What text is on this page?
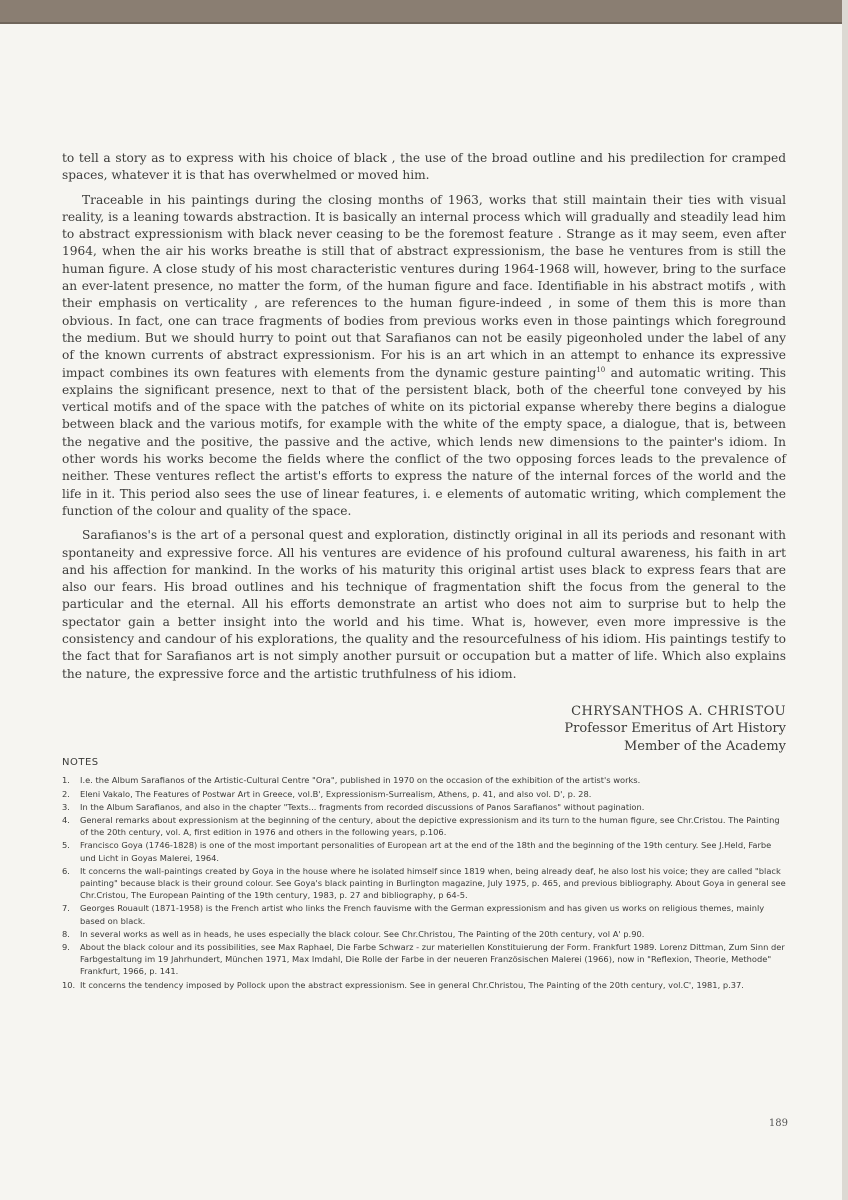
to tell a story as to express with his choice of black , the use of the broad outline and his predilection for cramped spaces, whatever it is that has overwhelmed or moved him.

Traceable in his paintings during the closing months of 1963, works that still maintain their ties with visual reality, is a leaning towards abstraction. It is basically an internal process which will gradually and steadily lead him to abstract expressionism with black never ceasing to be the foremost feature . Strange as it may seem, even after 1964, when the air his works breathe is still that of abstract expressionism, the base he ventures from is still the human figure. A close study of his most characteristic ventures during 1964-1968 will, however, bring to the surface an ever-latent presence, no matter the form, of the human figure and face. Identifiable in his abstract motifs , with their emphasis on verticality , are references to the human figure-indeed , in some of them this is more than obvious. In fact, one can trace fragments of bodies from previous works even in those paintings which foreground the medium. But we should hurry to point out that Sarafianos can not be easily pigeonholed under the label of any of the known currents of abstract expressionism. For his is an art which in an attempt to enhance its expressive impact combines its own features with elements from the dynamic gesture painting$^{10}$ and automatic writing. This explains the significant presence, next to that of the persistent black, both of the cheerful tone conveyed by his vertical motifs and of the space with the patches of white on its pictorial expanse whereby there begins a dialogue between black and the various motifs, for example with the white of the empty space, a dialogue, that is, between the negative and the positive, the passive and the active, which lends new dimensions to the painter's idiom. In other words his works become the fields where the conflict of the two opposing forces leads to the prevalence of neither. These ventures reflect the artist's efforts to express the nature of the internal forces of the world and the life in it. This period also sees the use of linear features, i. e elements of automatic writing, which complement the function of the colour and quality of the space.

Sarafianos's is the art of a personal quest and exploration, distinctly original in all its periods and resonant with spontaneity and expressive force. All his ventures are evidence of his profound cultural awareness, his faith in art and his affection for mankind. In the works of his maturity this original artist uses black to express fears that are also our fears. His broad outlines and his technique of fragmentation shift the focus from the general to the particular and the eternal. All his efforts demonstrate an artist who does not aim to surprise but to help the spectator gain a better insight into the world and his time. What is, however, even more impressive is the consistency and candour of his explorations, the quality and the resourcefulness of his idiom. His paintings testify to the fact that for Sarafianos art is not simply another pursuit or occupation but a matter of life. Which also explains the nature, the expressive force and the artistic truthfulness of his idiom.

CHRYSANTHOS A. CHRISTOU
Professor Emeritus of Art History
Member of the Academy
NOTES
1.	I.e. the Album Sarafianos of the Artistic-Cultural Centre "Ora", published in 1970 on the occasion of the exhibition of the artist's works.
2.	Eleni Vakalo, The Features of Postwar Art in Greece, vol.B', Expressionism-Surrealism, Athens, p. 41, and also vol. D', p. 28.
3.	In the Album Sarafianos, and also in the chapter "Texts... fragments from recorded discussions of Panos Sarafianos" without pagination.
4.	General remarks about expressionism at the beginning of the century, about the depictive expressionism and its turn to the human figure, see Chr.Cristou. The Painting of the 20th century, vol. A, first edition in 1976 and others in the following years, p.106.
5.	Francisco Goya (1746-1828) is one of the most important personalities of European art at the end of the 18th and the beginning of the 19th century. See J.Held, Farbe und Licht in Goyas Malerei, 1964.
6.	It concerns the wall-paintings created by Goya in the house where he isolated himself since 1819 when, being already deaf, he also lost his voice; they are called "black painting" because black is their ground colour. See Goya's black painting in Burlington magazine, July 1975, p. 465, and previous bibliography. About Goya in general see Chr.Cristou, The European Painting of the 19th century, 1983, p. 27 and bibliography, p 64-5.
7.	Georges Rouault (1871-1958) is the French artist who links the French fauvisme with the German expressionism and has given us works on religious themes, mainly based on black.
8.	In several works as well as in heads, he uses especially the black colour. See Chr.Christou, The Painting of the 20th century, vol A' p.90.
9.	About the black colour and its possibilities, see Max Raphael, Die Farbe Schwarz - zur materiellen Konstituierung der Form. Frankfurt 1989. Lorenz Dittman, Zum Sinn der Farbgestaltung im 19 Jahrhundert, München 1971, Max Imdahl, Die Rolle der Farbe in der neueren Französischen Malerei (1966), now in "Reflexion, Theorie, Methode" Frankfurt, 1966, p. 141.
10. It concerns the tendency imposed by Pollock upon the abstract expressionism. See in general Chr.Christou, The Painting of the 20th century, vol.C', 1981, p.37.
189
